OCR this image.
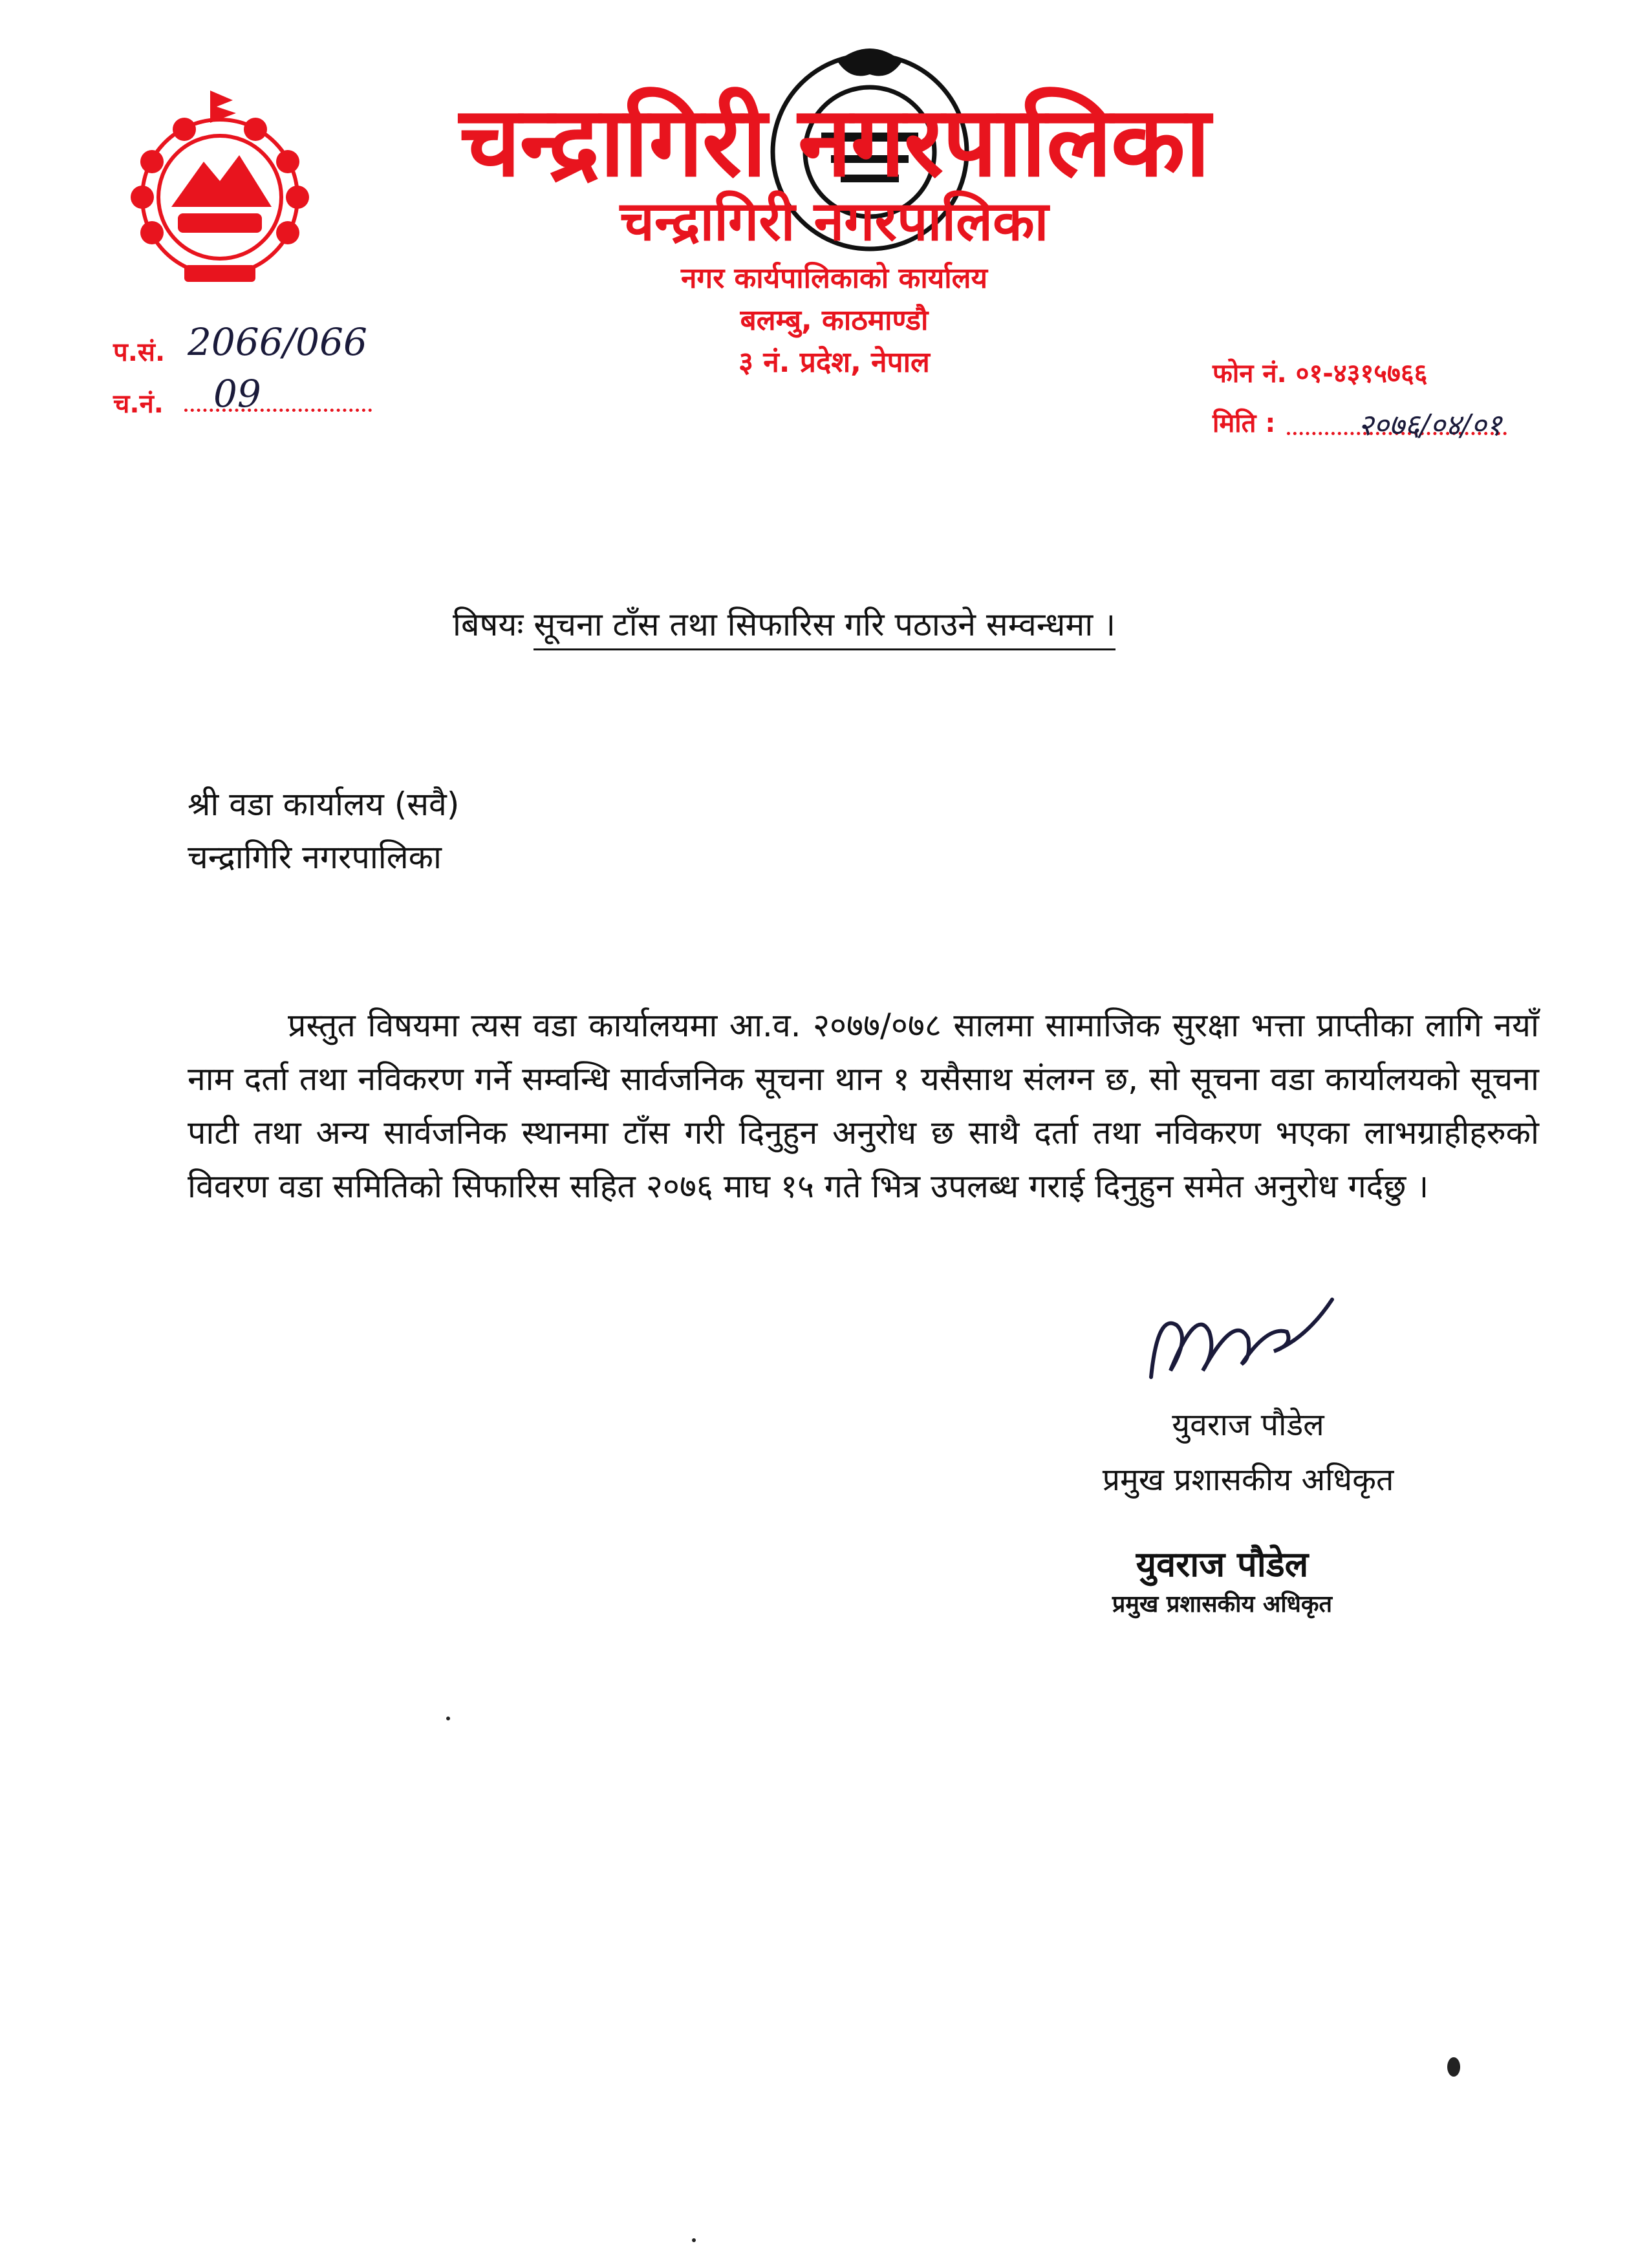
चन्द्रागिरी नगरपालिका
चन्द्रागिरी नगरपालिका
नगर कार्यपालिकाको कार्यालय
बलम्बु, काठमाण्डौ
३ नं. प्रदेश, नेपाल
प.सं. 2066/066
च.नं. 09	फोन नं. ०१-४३१५७६६
मिति :	२०७६/०४/०१
बिषयः सूचना टाँस तथा सिफारिस गरि पठाउने सम्वन्धमा ।
श्री वडा कार्यालय (सवै)
चन्द्रागिरि नगरपालिका
प्रस्तुत विषयमा त्यस वडा कार्यालयमा आ.व. २०७७/०७८ सालमा सामाजिक सुरक्षा भत्ता प्राप्तीका लागि नयाँ नाम दर्ता तथा नविकरण गर्ने सम्वन्धि सार्वजनिक सूचना थान १ यसैसाथ संलग्न छ, सो सूचना वडा कार्यालयको सूचना पाटी तथा अन्य सार्वजनिक स्थानमा टाँस गरी दिनुहुन अनुरोध छ साथै दर्ता तथा नविकरण भएका लाभग्राहीहरुको विवरण वडा समितिको सिफारिस सहित २०७६ माघ १५ गते भित्र उपलब्ध गराई दिनुहुन समेत अनुरोध गर्दछु ।
युवराज पौडेल
प्रमुख प्रशासकीय अधिकृत
युवराज पौडेल
प्रमुख प्रशासकीय अधिकृत
